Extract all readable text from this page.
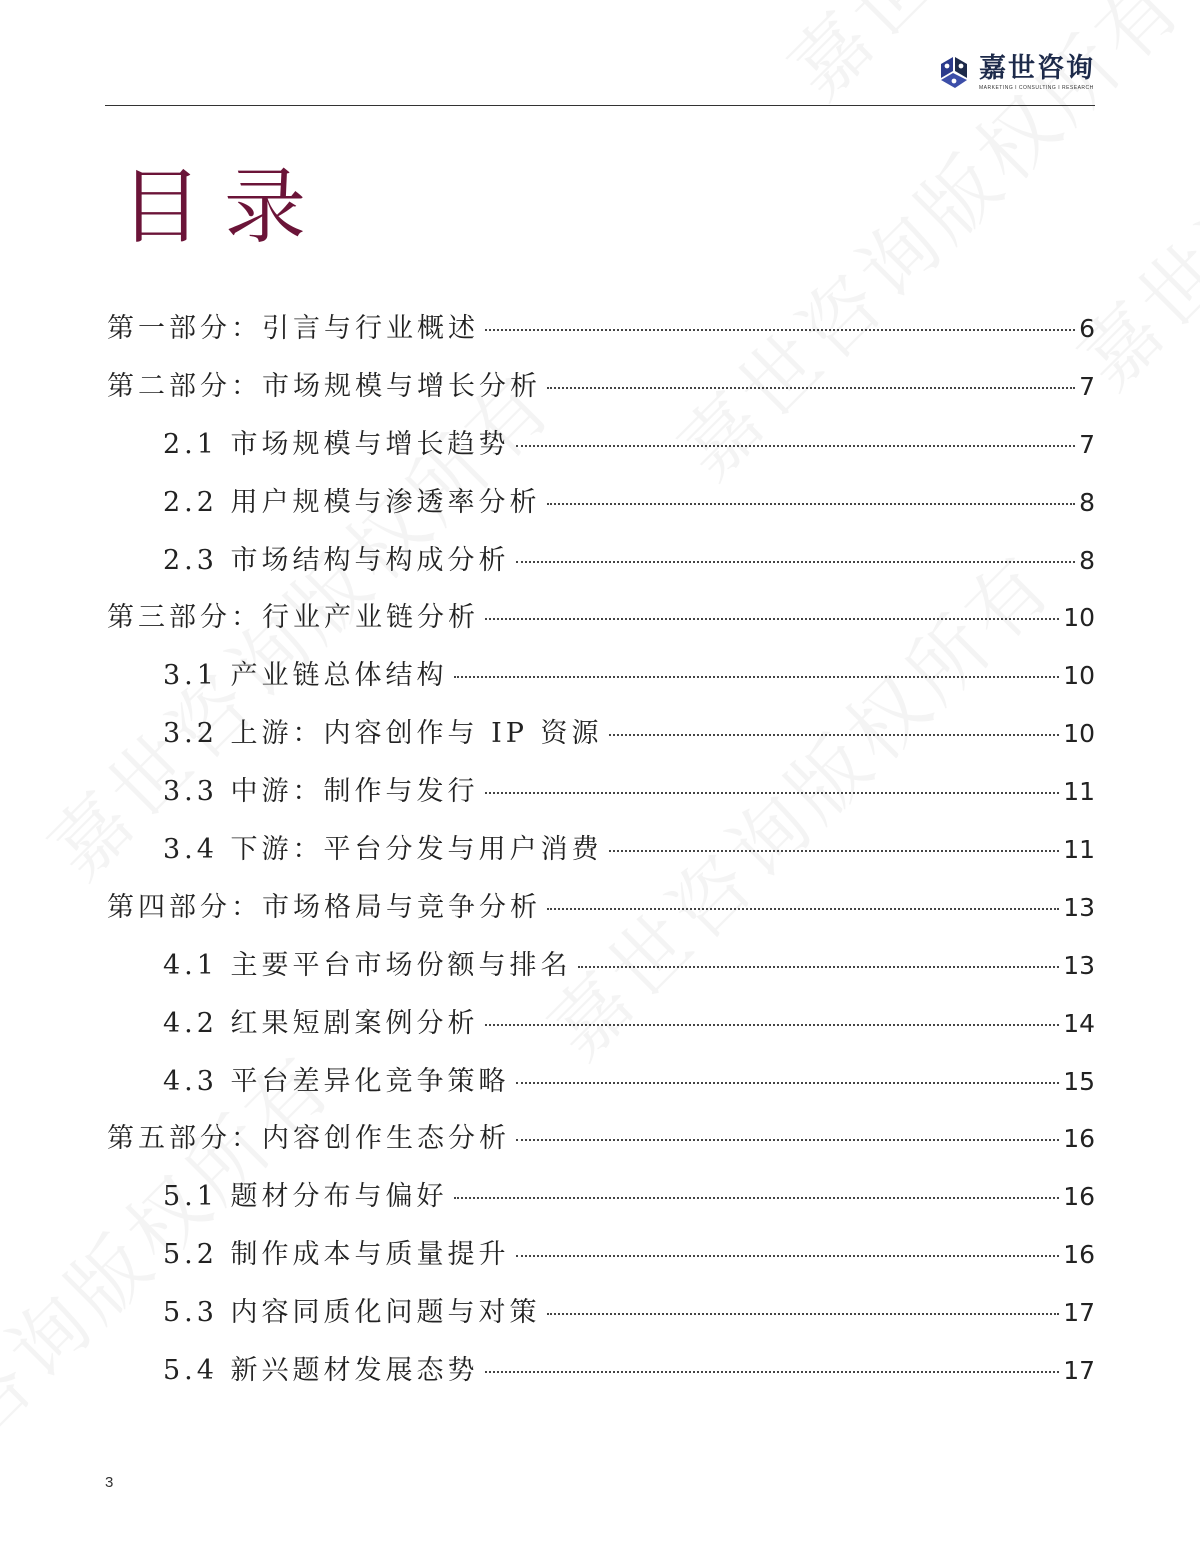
嘉世咨询
MARKETING I CONSULTING I RESEARCH
目录
第一部分：引言与行业概述	6
第二部分：市场规模与增长分析	7
2.1 市场规模与增长趋势	7
2.2 用户规模与渗透率分析	8
2.3 市场结构与构成分析	8
第三部分：行业产业链分析	10
3.1 产业链总体结构	10
3.2 上游：内容创作与 IP 资源	10
3.3 中游：制作与发行	11
3.4 下游：平台分发与用户消费	11
第四部分：市场格局与竞争分析	13
4.1 主要平台市场份额与排名	13
4.2 红果短剧案例分析	14
4.3 平台差异化竞争策略	15
第五部分：内容创作生态分析	16
5.1 题材分布与偏好	16
5.2 制作成本与质量提升	16
5.3 内容同质化问题与对策	17
5.4 新兴题材发展态势	17
3
